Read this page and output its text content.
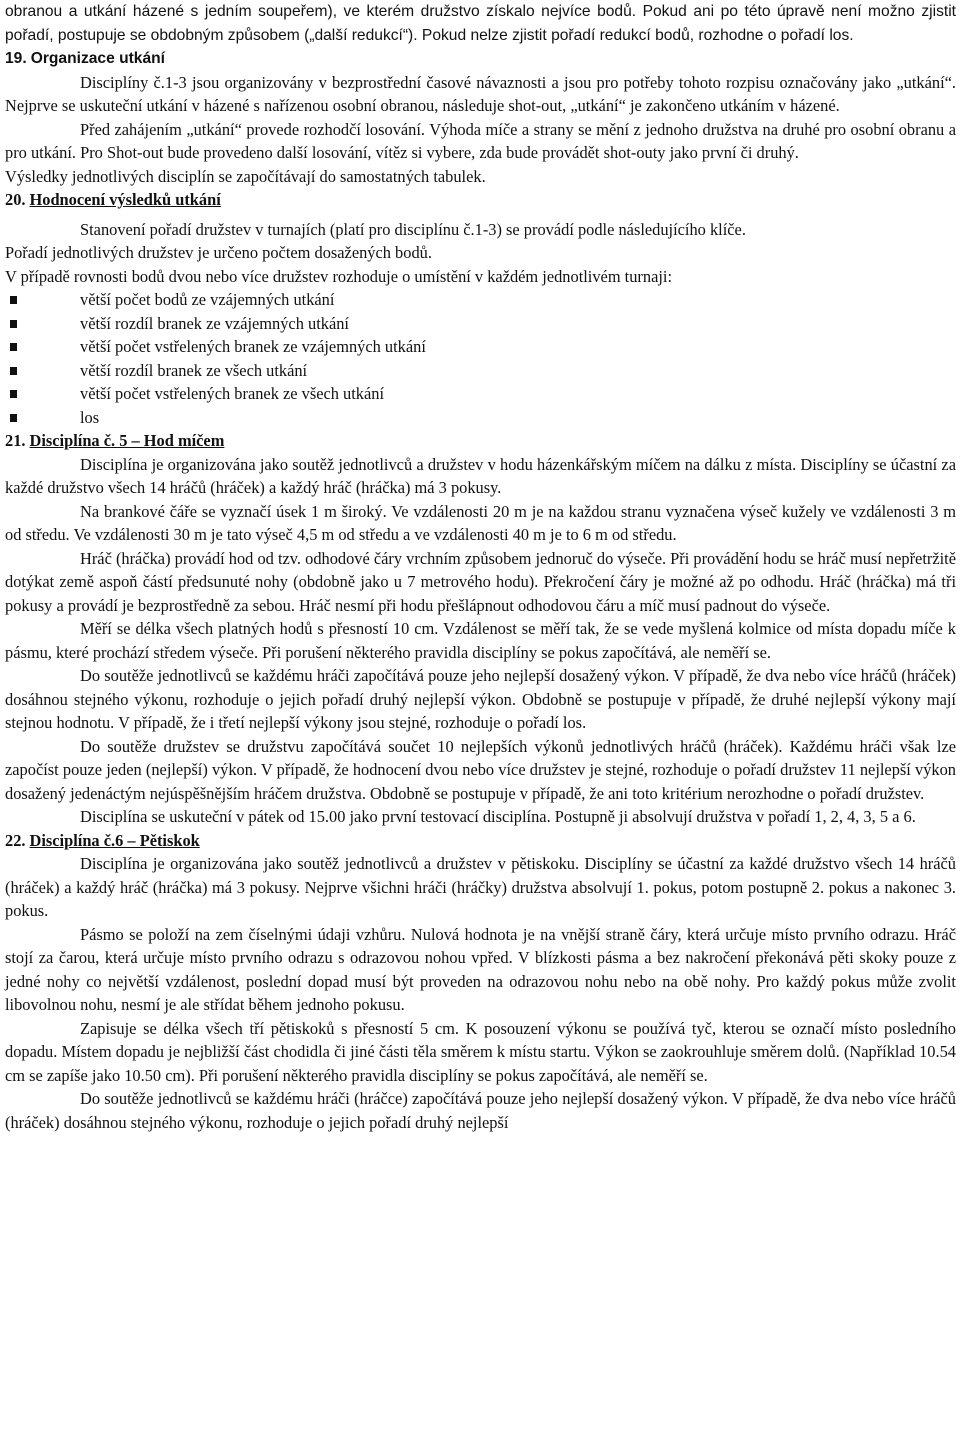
obranou a utkání házené s jedním soupeřem), ve kterém družstvo získalo nejvíce bodů. Pokud ani po této úpravě není možno zjistit pořadí, postupuje se obdobným způsobem („další redukcí“). Pokud nelze zjistit pořadí redukcí bodů, rozhodne o pořadí los.

19. Organizace utkání

Disciplíny č.1-3 jsou organizovány v bezprostřední časové návaznosti a jsou pro potřeby tohoto rozpisu označovány jako „utkání“. Nejprve se uskuteční utkání v házené s nařízenou osobní obranou, následuje shot-out, „utkání“ je zakončeno utkáním v házené.

Před zahájením „utkání“ provede rozhodčí losování. Výhoda míče a strany se mění z jednoho družstva na druhé pro osobní obranu a pro utkání. Pro Shot-out bude provedeno další losování, vítěz si vybere, zda bude provádět shot-outy jako první či druhý.

Výsledky jednotlivých disciplín se započítávají do samostatných tabulek.

20. Hodnocení výsledků utkání

Stanovení pořadí družstev v turnajích (platí pro disciplínu č.1-3) se provádí podle následujícího klíče.

Pořadí jednotlivých družstev je určeno počtem dosažených bodů.

V případě rovnosti bodů dvou nebo více družstev rozhoduje o umístění v každém jednotlivém turnaji:

větší počet bodů ze vzájemných utkání
větší rozdíl branek ze vzájemných utkání
větší počet vstřelených branek ze vzájemných utkání
větší rozdíl branek ze všech utkání
větší počet vstřelených branek ze všech utkání
los
21. Disciplína č. 5 – Hod míčem

Disciplína je organizována jako soutěž jednotlivců a družstev v hodu házenkářským míčem na dálku z místa. Disciplíny se účastní za každé družstvo všech 14 hráčů (hráček) a každý hráč (hráčka) má 3 pokusy.

Na brankové čáře se vyznačí úsek 1 m široký. Ve vzdálenosti 20 m je na každou stranu vyznačena výseč kužely ve vzdálenosti 3 m od středu. Ve vzdálenosti 30 m je tato výseč 4,5 m od středu a ve vzdálenosti 40 m je to 6 m od středu.

Hráč (hráčka) provádí hod od tzv. odhodové čáry vrchním způsobem jednoruč do výseče. Při provádění hodu se hráč musí nepřetržitě dotýkat země aspoň částí předsunuté nohy (obdobně jako u 7 metrového hodu). Překročení čáry je možné až po odhodu. Hráč (hráčka) má tři pokusy a provádí je bezprostředně za sebou. Hráč nesmí při hodu přešlápnout odhodovou čáru a míč musí padnout do výseče.

Měří se délka všech platných hodů s přesností 10 cm. Vzdálenost se měří tak, že se vede myšlená kolmice od místa dopadu míče k pásmu, které prochází středem výseče. Při porušení některého pravidla disciplíny se pokus započítává, ale neměří se.

Do soutěže jednotlivců se každému hráči započítává pouze jeho nejlepší dosažený výkon. V případě, že dva nebo více hráčů (hráček) dosáhnou stejného výkonu, rozhoduje o jejich pořadí druhý nejlepší výkon. Obdobně se postupuje v případě, že druhé nejlepší výkony mají stejnou hodnotu. V případě, že i třetí nejlepší výkony jsou stejné, rozhoduje o pořadí los.

Do soutěže družstev se družstvu započítává součet 10 nejlepších výkonů jednotlivých hráčů (hráček). Každému hráči však lze započíst pouze jeden (nejlepší) výkon. V případě, že hodnocení dvou nebo více družstev je stejné, rozhoduje o pořadí družstev 11 nejlepší výkon dosažený jedenáctým nejúspěšnějším hráčem družstva. Obdobně se postupuje v případě, že ani toto kritérium nerozhodne o pořadí družstev.

Disciplína se uskuteční v pátek od 15.00 jako první testovací disciplína. Postupně ji absolvují družstva v pořadí 1, 2, 4, 3, 5 a 6.

22. Disciplína č.6 – Pětiskok

Disciplína je organizována jako soutěž jednotlivců a družstev v pětiskoku. Disciplíny se účastní za každé družstvo všech 14 hráčů (hráček) a každý hráč (hráčka) má 3 pokusy. Nejprve všichni hráči (hráčky) družstva absolvují 1. pokus, potom postupně 2. pokus a nakonec 3. pokus.

Pásmo se položí na zem číselnými údaji vzhůru. Nulová hodnota je na vnější straně čáry, která určuje místo prvního odrazu. Hráč stojí za čarou, která určuje místo prvního odrazu s odrazovou nohou vpřed. V blízkosti pásma a bez nakročení překonává pěti skoky pouze z jedné nohy co největší vzdálenost, poslední dopad musí být proveden na odrazovou nohu nebo na obě nohy. Pro každý pokus může zvolit libovolnou nohu, nesmí je ale střídat během jednoho pokusu.

Zapisuje se délka všech tří pětiskoků s přesností 5 cm. K posouzení výkonu se používá tyč, kterou se označí místo posledního dopadu. Místem dopadu je nejbližší část chodidla či jiné části těla směrem k místu startu. Výkon se zaokrouhluje směrem dolů. (Například 10.54 cm se zapíše jako 10.50 cm). Při porušení některého pravidla disciplíny se pokus započítává, ale neměří se.

Do soutěže jednotlivců se každému hráči (hráčce) započítává pouze jeho nejlepší dosažený výkon. V případě, že dva nebo více hráčů (hráček) dosáhnou stejného výkonu, rozhoduje o jejich pořadí druhý nejlepší
